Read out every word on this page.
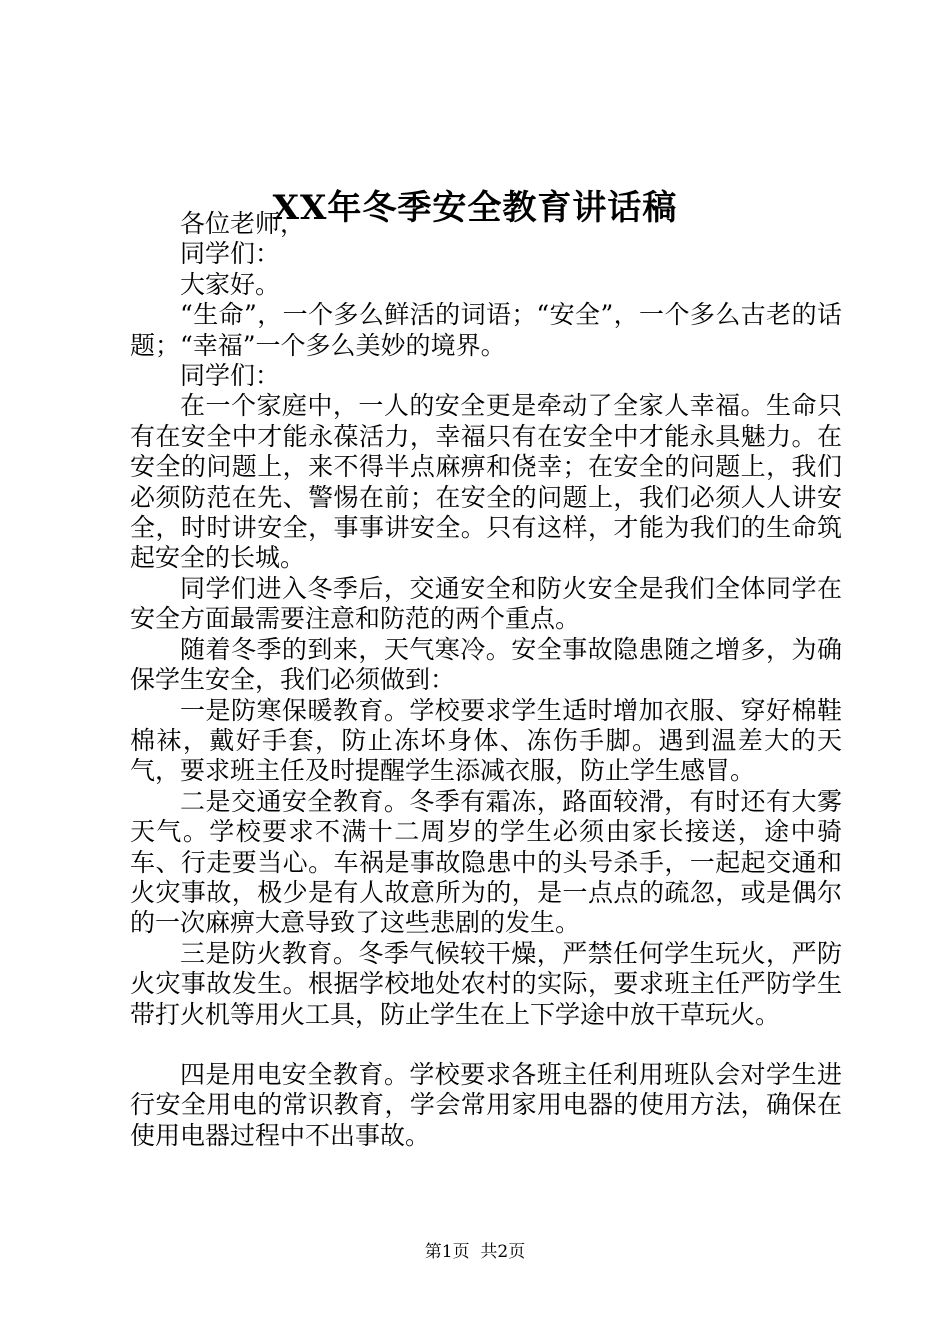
XX年冬季安全教育讲话稿

各位老师，

同学们：

大家好。

“生命”，一个多么鲜活的词语；“安全”，一个多么古老的话题；“幸福”一个多么美妙的境界。

同学们：

在一个家庭中，一人的安全更是牵动了全家人幸福。生命只有在安全中才能永葆活力，幸福只有在安全中才能永具魅力。在安全的问题上，来不得半点麻痹和侥幸；在安全的问题上，我们必须防范在先、警惕在前；在安全的问题上，我们必须人人讲安全，时时讲安全，事事讲安全。只有这样，才能为我们的生命筑起安全的长城。

同学们进入冬季后，交通安全和防火安全是我们全体同学在安全方面最需要注意和防范的两个重点。

随着冬季的到来，天气寒冷。安全事故隐患随之增多，为确保学生安全，我们必须做到：

一是防寒保暖教育。学校要求学生适时增加衣服、穿好棉鞋棉袜，戴好手套，防止冻坏身体、冻伤手脚。遇到温差大的天气，要求班主任及时提醒学生添减衣服，防止学生感冒。

二是交通安全教育。冬季有霜冻，路面较滑，有时还有大雾天气。学校要求不满十二周岁的学生必须由家长接送，途中骑车、行走要当心。车祸是事故隐患中的头号杀手，一起起交通和火灾事故，极少是有人故意所为的，是一点点的疏忽，或是偶尔的一次麻痹大意导致了这些悲剧的发生。

三是防火教育。冬季气候较干燥，严禁任何学生玩火，严防火灾事故发生。根据学校地处农村的实际，要求班主任严防学生带打火机等用火工具，防止学生在上下学途中放干草玩火。

四是用电安全教育。学校要求各班主任利用班队会对学生进行安全用电的常识教育，学会常用家用电器的使用方法，确保在使用电器过程中不出事故。

第1页  共2页
